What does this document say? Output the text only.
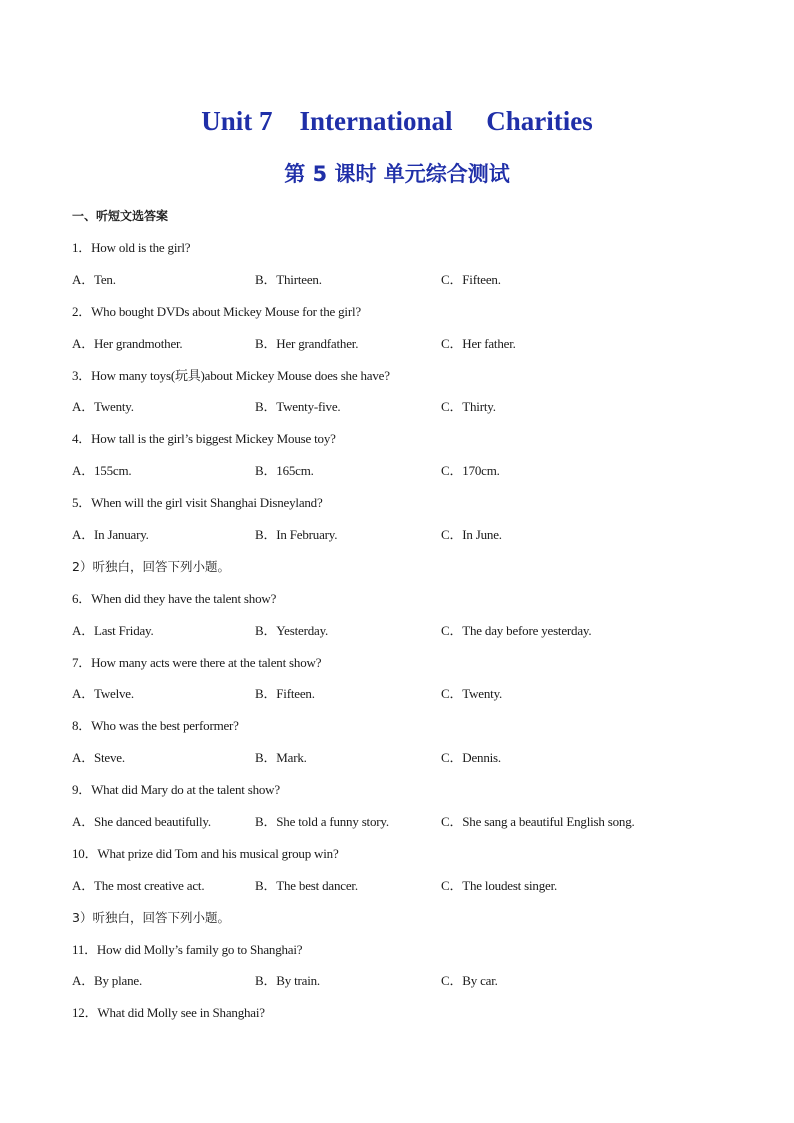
Unit 7    International     Charities
第 5 课时 单元综合测试
一、听短文选答案
1．How old is the girl?
A．Ten.	B．Thirteen.	C．Fifteen.
2．Who bought DVDs about Mickey Mouse for the girl?
A．Her grandmother.	B．Her grandfather.	C．Her father.
3．How many toys(玩具)about Mickey Mouse does she have?
A．Twenty.	B．Twenty-five.	C．Thirty.
4．How tall is the girl’s biggest Mickey Mouse toy?
A．155cm.	B．165cm.	C．170cm.
5．When will the girl visit Shanghai Disneyland?
A．In January.	B．In February.	C．In June.
2）听独白，回答下列小题。
6．When did they have the talent show?
A．Last Friday.	B．Yesterday.	C．The day before yesterday.
7．How many acts were there at the talent show?
A．Twelve.	B．Fifteen.	C．Twenty.
8．Who was the best performer?
A．Steve.	B．Mark.	C．Dennis.
9．What did Mary do at the talent show?
A．She danced beautifully.	B．She told a funny story.	C．She sang a beautiful English song.
10．What prize did Tom and his musical group win?
A．The most creative act.	B．The best dancer.	C．The loudest singer.
3）听独白，回答下列小题。
11．How did Molly’s family go to Shanghai?
A．By plane.	B．By train.	C．By car.
12．What did Molly see in Shanghai?
